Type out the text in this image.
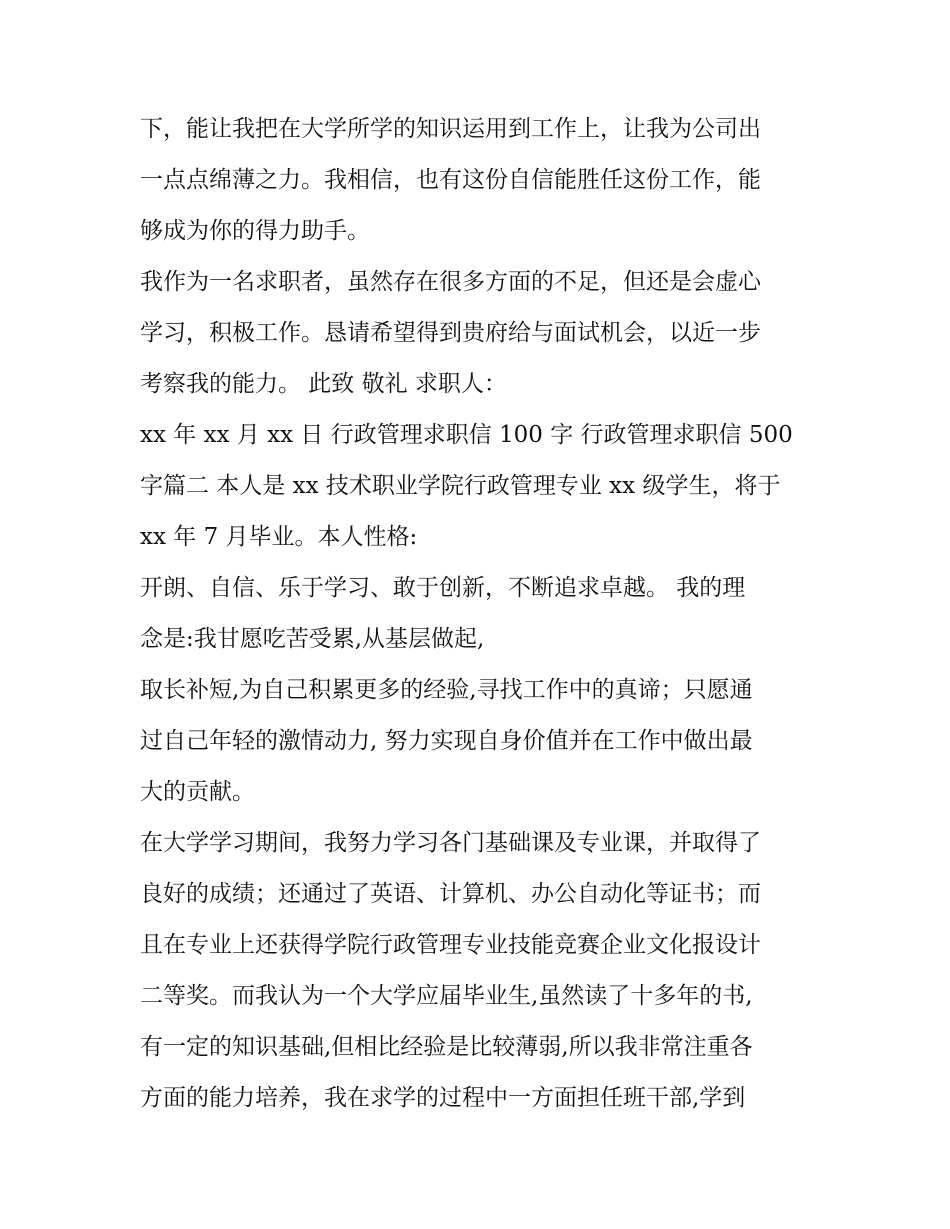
下，能让我把在大学所学的知识运用到工作上，让我为公司出
一点点绵薄之力。我相信，也有这份自信能胜任这份工作，能
够成为你的得力助手。
我作为一名求职者，虽然存在很多方面的不足，但还是会虚心
学习，积极工作。恳请希望得到贵府给与面试机会，以近一步
考察我的能力。 此致 敬礼 求职人：
xx 年 xx 月 xx 日 行政管理求职信 100 字 行政管理求职信 500
字篇二 本人是 xx 技术职业学院行政管理专业 xx 级学生，将于
xx 年 7 月毕业。本人性格:
开朗、自信、乐于学习、敢于创新，不断追求卓越。 我的理
念是:我甘愿吃苦受累,从基层做起,
取长补短,为自己积累更多的经验,寻找工作中的真谛；只愿通
过自己年轻的激情动力, 努力实现自身价值并在工作中做出最
大的贡献。
在大学学习期间，我努力学习各门基础课及专业课，并取得了
良好的成绩；还通过了英语、计算机、办公自动化等证书；而
且在专业上还获得学院行政管理专业技能竞赛企业文化报设计
二等奖。而我认为一个大学应届毕业生,虽然读了十多年的书,
有一定的知识基础,但相比经验是比较薄弱,所以我非常注重各
方面的能力培养，我在求学的过程中一方面担任班干部,学到
